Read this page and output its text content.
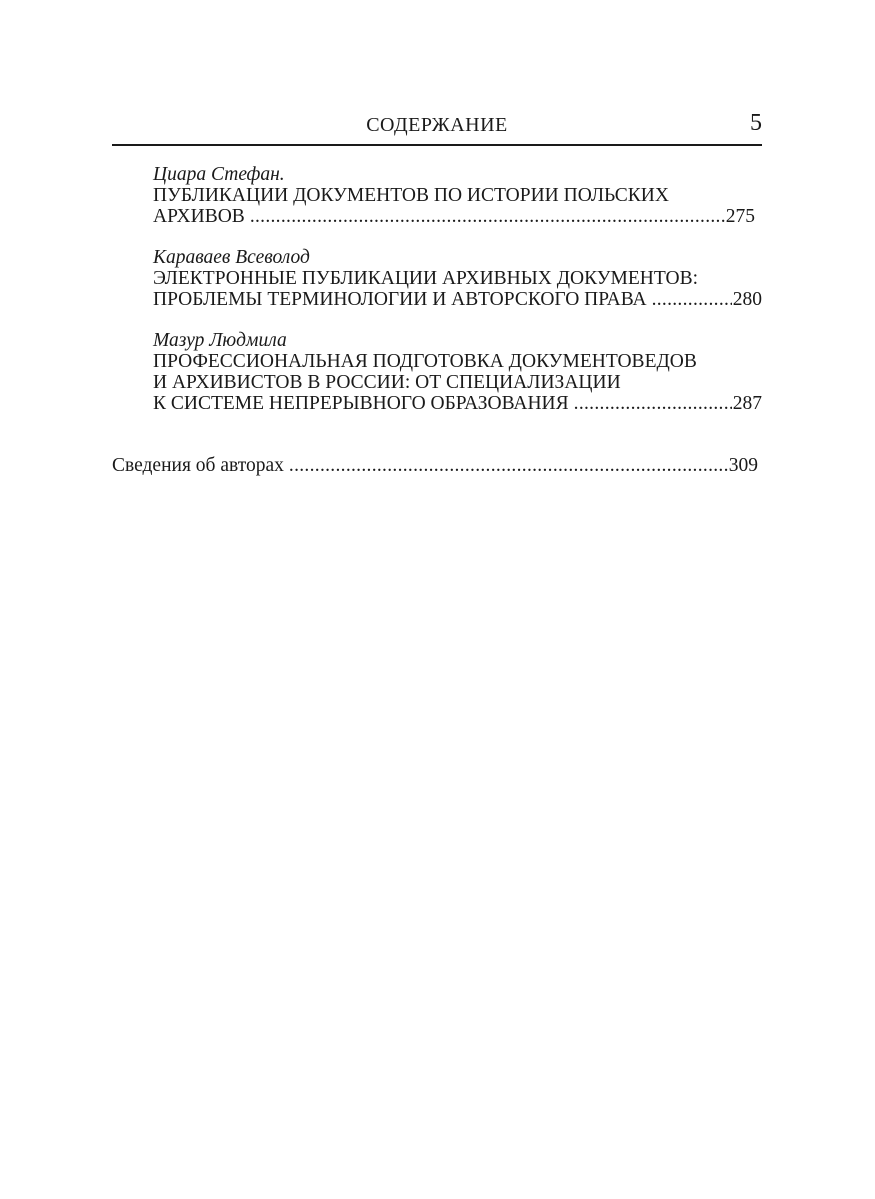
СОДЕРЖАНИЕ	5
Циара Стефан.
ПУБЛИКАЦИИ ДОКУМЕНТОВ ПО ИСТОРИИ ПОЛЬСКИХ
АРХИВОВ .....	275
Караваев Всеволод
ЭЛЕКТРОННЫЕ ПУБЛИКАЦИИ АРХИВНЫХ ДОКУМЕНТОВ:
ПРОБЛЕМЫ ТЕРМИНОЛОГИИ И АВТОРСКОГО ПРАВА .....	280
Мазур Людмила
ПРОФЕССИОНАЛЬНАЯ ПОДГОТОВКА ДОКУМЕНТОВЕДОВ
И АРХИВИСТОВ В РОССИИ: ОТ СПЕЦИАЛИЗАЦИИ
К СИСТЕМЕ НЕПРЕРЫВНОГО ОБРАЗОВАНИЯ .....	287
Сведения об авторах .....	309
